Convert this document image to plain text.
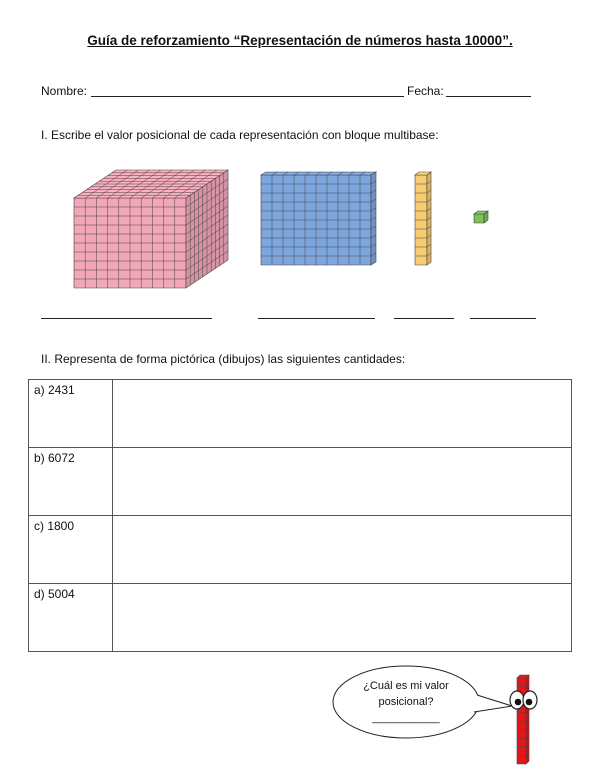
Guía de reforzamiento “Representación de números hasta 10000”.
Nombre:	Fecha:
I. Escribe el valor posicional de cada representación con bloque multibase:
II. Representa de forma pictórica (dibujos) las siguientes cantidades:
a) 2431	
b) 6072	
c) 1800	
d) 5004	
¿Cuál es mi valor
posicional?
___________
